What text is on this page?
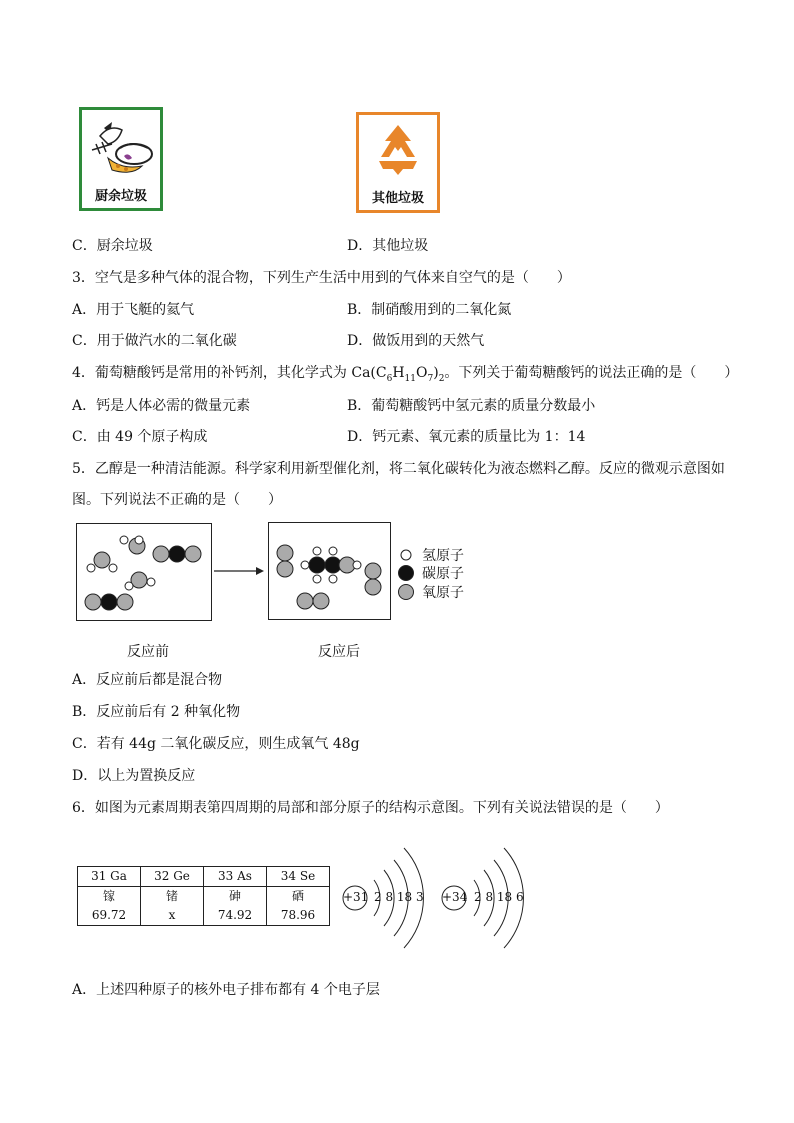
厨余垃圾	其他垃圾
C．厨余垃圾	D．其他垃圾
3．空气是多种气体的混合物，下列生产生活中用到的气体来自空气的是（　　）
A．用于飞艇的氦气	B．制硝酸用到的二氧化氮
C．用于做汽水的二氧化碳	D．做饭用到的天然气
4．葡萄糖酸钙是常用的补钙剂，其化学式为 $Ca(C_6H_{11}O_7)_2$。下列关于葡萄糖酸钙的说法正确的是（　　）
A．钙是人体必需的微量元素	B．葡萄糖酸钙中氢元素的质量分数最小
C．由 49 个原子构成	D．钙元素、氧元素的质量比为 1：14
5．乙醇是一种清洁能源。科学家利用新型催化剂，将二氧化碳转化为液态燃料乙醇。反应的微观示意图如
图。下列说法不正确的是（　　）
氢原子
碳原子
氧原子
反应前	反应后
A．反应前后都是混合物
B．反应前后有 2 种氧化物
C．若有 44g 二氧化碳反应，则生成氧气 48g
D．以上为置换反应
6．如图为元素周期表第四周期的局部和部分原子的结构示意图。下列有关说法错误的是（　　）
31 Ga	32 Ge	33 As	34 Se
镓	锗	砷	硒
69.72	x	74.92	78.96
+31 2 8 18 3 +34 2 8 18 6
A．上述四种原子的核外电子排布都有 4 个电子层
